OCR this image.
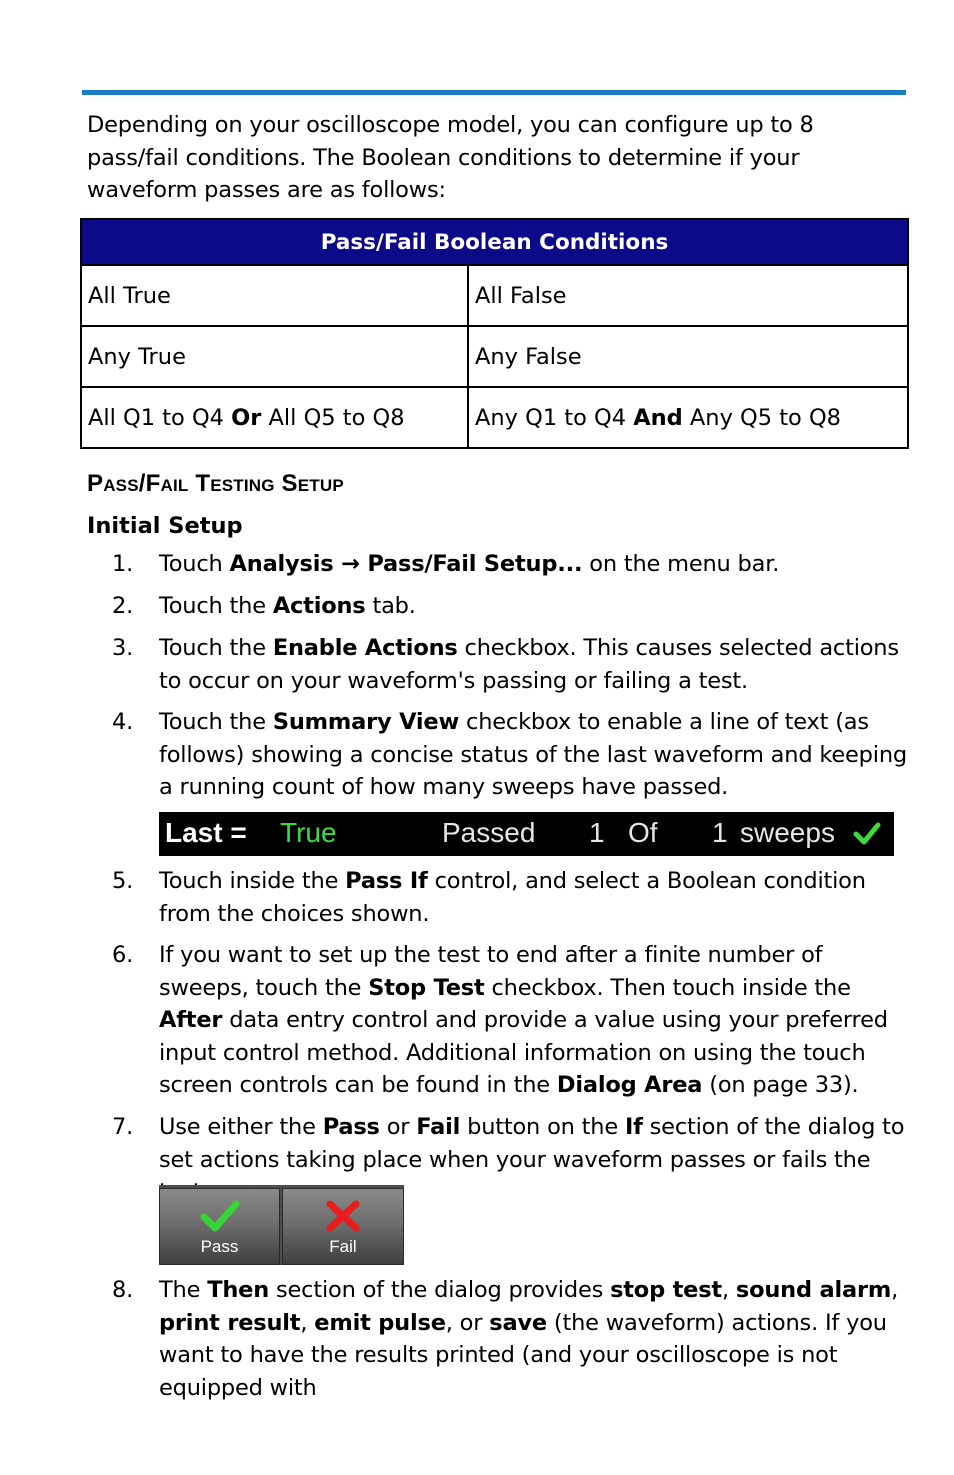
Depending on your oscilloscope model, you can configure up to 8 pass/fail conditions. The Boolean conditions to determine if your waveform passes are as follows:

Pass/Fail Boolean Conditions	
All True	All False
Any True	Any False
All Q1 to Q4 Or All Q5 to Q8	Any Q1 to Q4 And Any Q5 to Q8
Pass/Fail Testing Setup
Initial Setup
1.	Touch Analysis → Pass/Fail Setup... on the menu bar.
2.	Touch the Actions tab.
3.	Touch the Enable Actions checkbox. This causes selected actions to occur on your waveform's passing or failing a test.
4.	Touch the Summary View checkbox to enable a line of text (as follows) showing a concise status of the last waveform and keeping a running count of how many sweeps have passed.
Last = True	Passed 1 Of 1 sweeps
5.	Touch inside the Pass If control, and select a Boolean condition from the choices shown.
6.	If you want to set up the test to end after a finite number of sweeps, touch the Stop Test checkbox. Then touch inside the After data entry control and provide a value using your preferred input control method. Additional information on using the touch screen controls can be found in the Dialog Area (on page 33).
7.	Use either the Pass or Fail button on the If section of the dialog to set actions taking place when your waveform passes or fails the
Pass	Fail
8.	The Then section of the dialog provides stop test, sound alarm, print result, emit pulse, or save (the waveform) actions. If you want to have the results printed (and your oscilloscope is not equipped with
